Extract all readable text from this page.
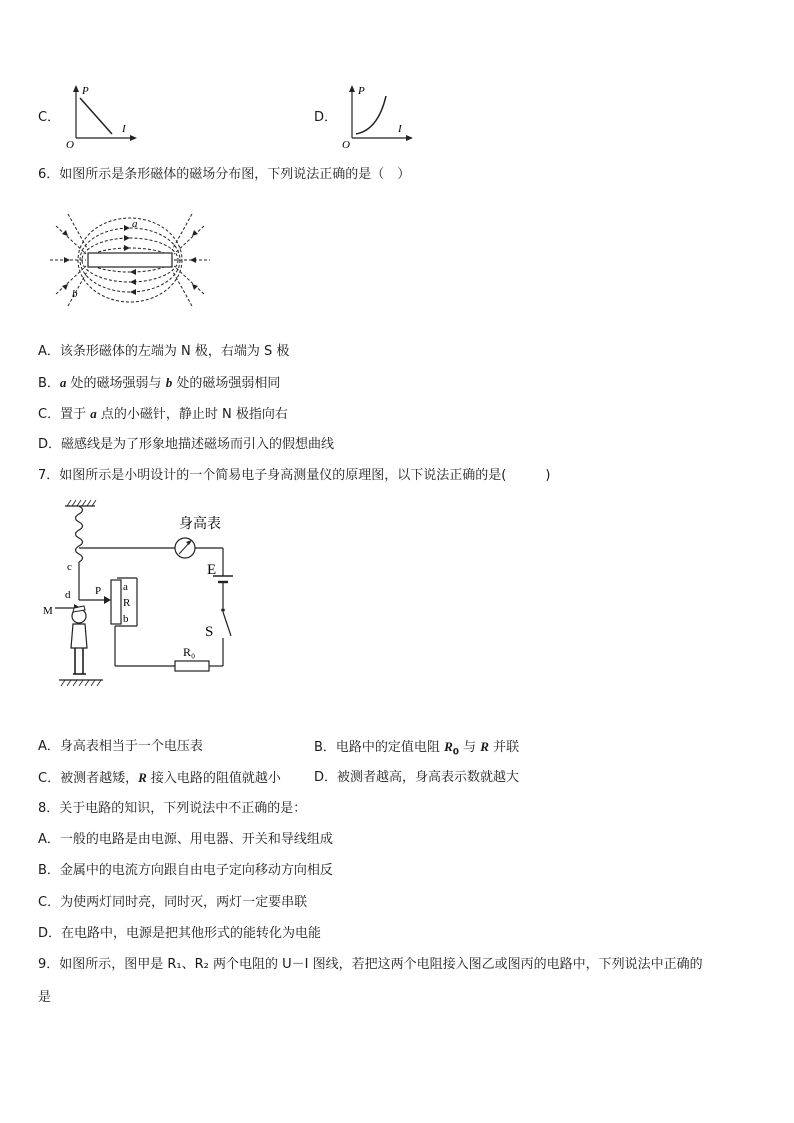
C．
P
I
O
D．
P
I
O
6．如图所示是条形磁体的磁场分布图，下列说法正确的是（　）
a
b
A．该条形磁体的左端为 N 极，右端为 S 极
B．a 处的磁场强弱与 b 处的磁场强弱相同
C．置于 a 点的小磁针，静止时 N 极指向右
D．磁感线是为了形象地描述磁场而引入的假想曲线
7．如图所示是小明设计的一个简易电子身高测量仪的原理图，以下说法正确的是(　　　)
身高表
E
S
R₀
P a
R
b
c
d
M
A．身高表相当于一个电压表	B．电路中的定值电阻 $R_0$ 与 R 并联
C．被测者越矮，R 接入电路的阻值就越小	D．被测者越高，身高表示数就越大
8．关于电路的知识，下列说法中不正确的是：
A．一般的电路是由电源、用电器、开关和导线组成
B．金属中的电流方向跟自由电子定向移动方向相反
C．为使两灯同时亮，同时灭，两灯一定要串联
D．在电路中，电源是把其他形式的能转化为电能
9．如图所示，图甲是 R₁、R₂ 两个电阻的 U－I 图线，若把这两个电阻接入图乙或图丙的电路中，下列说法中正确的
是
